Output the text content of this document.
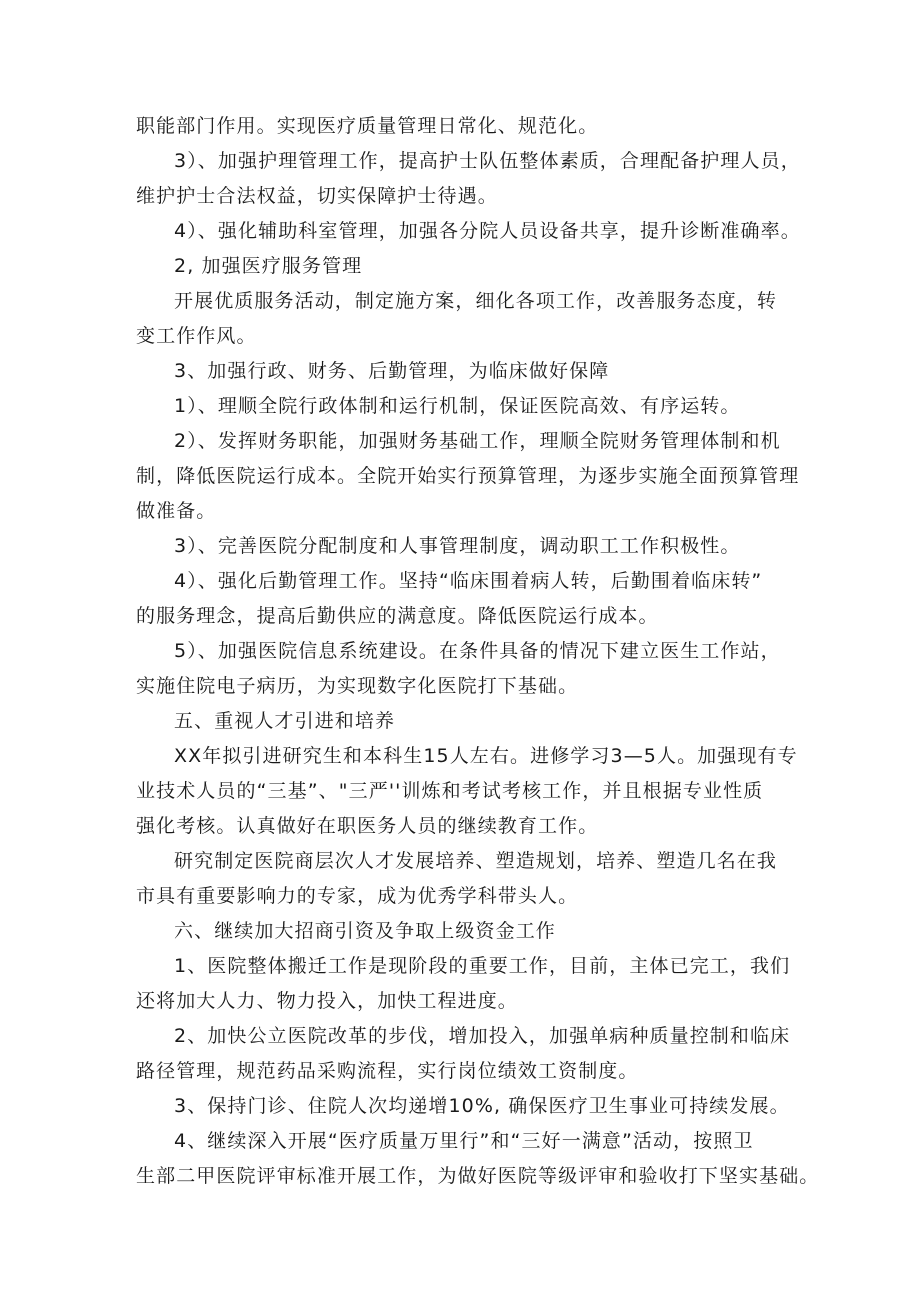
职能部门作用。实现医疗质量管理日常化、规范化。

3）、加强护理管理工作，提高护士队伍整体素质，合理配备护理人员，

维护护士合法权益，切实保障护士待遇。

4）、强化辅助科室管理，加强各分院人员设备共享，提升诊断准确率。

2, 加强医疗服务管理

开展优质服务活动，制定施方案，细化各项工作，改善服务态度，转

变工作作风。

3、加强行政、财务、后勤管理，为临床做好保障

1）、理顺全院行政体制和运行机制，保证医院高效、有序运转。

2）、发挥财务职能，加强财务基础工作，理顺全院财务管理体制和机

制，降低医院运行成本。全院开始实行预算管理，为逐步实施全面预算管理

做准备。

3）、完善医院分配制度和人事管理制度，调动职工工作积极性。

4）、强化后勤管理工作。坚持“临床围着病人转，后勤围着临床转”

的服务理念，提高后勤供应的满意度。降低医院运行成本。

5）、加强医院信息系统建设。在条件具备的情况下建立医生工作站，

实施住院电子病历，为实现数字化医院打下基础。

五、重视人才引进和培养

XX年拟引进研究生和本科生15人左右。进修学习3—5人。加强现有专

业技术人员的“三基”、"三严''训炼和考试考核工作，并且根据专业性质

强化考核。认真做好在职医务人员的继续教育工作。

研究制定医院商层次人才发展培养、塑造规划，培养、塑造几名在我

市具有重要影响力的专家，成为优秀学科带头人。

六、继续加大招商引资及争取上级资金工作

1、医院整体搬迁工作是现阶段的重要工作，目前，主体已完工，我们

还将加大人力、物力投入，加快工程进度。

2、加快公立医院改革的步伐，增加投入，加强单病种质量控制和临床

路径管理，规范药品采购流程，实行岗位绩效工资制度。

3、保持门诊、住院人次均递增10%, 确保医疗卫生事业可持续发展。

4、继续深入开展“医疗质量万里行”和“三好一满意”活动，按照卫

生部二甲医院评审标准开展工作，为做好医院等级评审和验收打下坚实基础。
